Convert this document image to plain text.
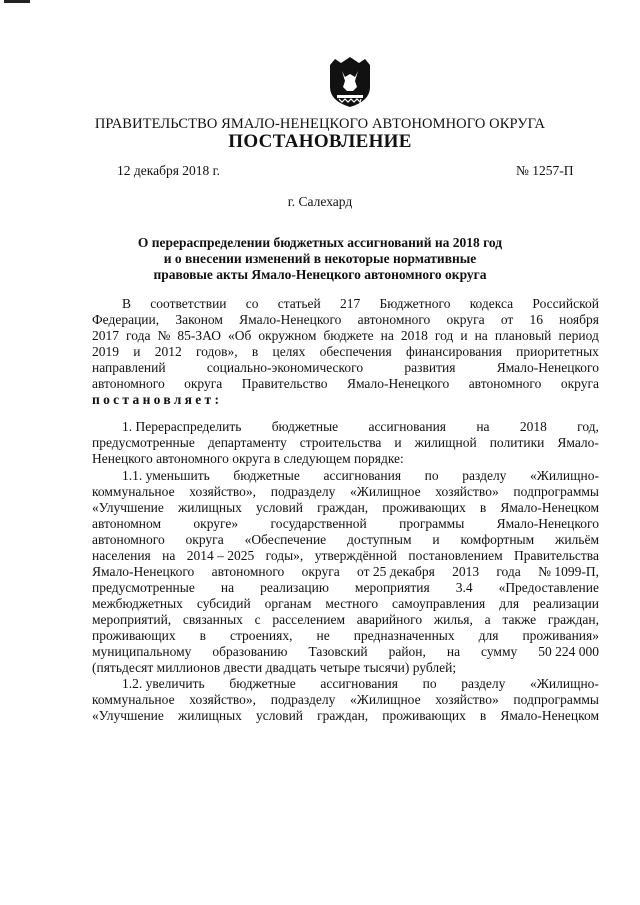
ПРАВИТЕЛЬСТВО ЯМАЛО-НЕНЕЦКОГО АВТОНОМНОГО ОКРУГА
ПОСТАНОВЛЕНИЕ
12 декабря 2018 г.	№ 1257-П
г. Салехард
О перераспределении бюджетных ассигнований на 2018 год
и о внесении изменений в некоторые нормативные
правовые акты Ямало-Ненецкого автономного округа
В соответствии со статьей 217 Бюджетного кодекса Российской
Федерации, Законом Ямало-Ненецкого автономного округа от 16 ноября
2017 года № 85-ЗАО «Об окружном бюджете на 2018 год и на плановый период
2019 и 2012 годов», в целях обеспечения финансирования приоритетных
направлений	социально-экономического	развития	Ямало-Ненецкого
автономного округа Правительство Ямало-Ненецкого автономного округа
постановляет:
1. Перераспределить бюджетные ассигнования на 2018 год,
предусмотренные департаменту строительства и жилищной политики Ямало-
Ненецкого автономного округа в следующем порядке:
1.1. уменьшить бюджетные ассигнования по разделу «Жилищно-
коммунальное хозяйство», подразделу «Жилищное хозяйство» подпрограммы
«Улучшение жилищных условий граждан, проживающих в Ямало-Ненецком
автономном округе» государственной программы Ямало-Ненецкого
автономного округа «Обеспечение доступным и комфортным жильём
населения на 2014 – 2025 годы», утверждённой постановлением Правительства
Ямало-Ненецкого автономного округа от 25 декабря 2013 года № 1099-П,
предусмотренные на реализацию мероприятия 3.4 «Предоставление
межбюджетных субсидий органам местного самоуправления для реализации
мероприятий, связанных с расселением аварийного жилья, а также граждан,
проживающих в строениях, не предназначенных для проживания»
муниципальному образованию Тазовский район, на сумму 50 224 000
(пятьдесят миллионов двести двадцать четыре тысячи) рублей;
1.2. увеличить бюджетные ассигнования по разделу «Жилищно-
коммунальное хозяйство», подразделу «Жилищное хозяйство» подпрограммы
«Улучшение жилищных условий граждан, проживающих в Ямало-Ненецком
